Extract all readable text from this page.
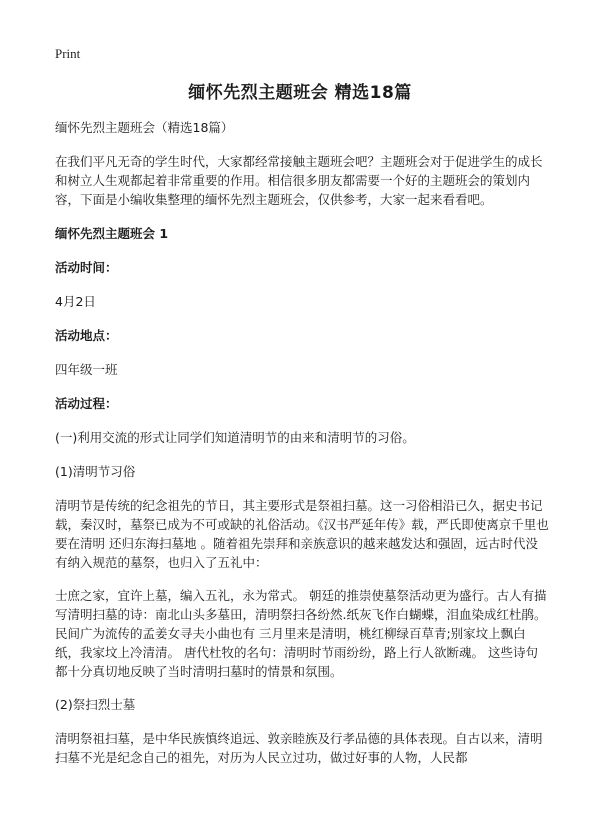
Print
缅怀先烈主题班会 精选18篇

缅怀先烈主题班会（精选18篇）

在我们平凡无奇的学生时代，大家都经常接触主题班会吧？主题班会对于促进学生的成长和树立人生观都起着非常重要的作用。相信很多朋友都需要一个好的主题班会的策划内容，下面是小编收集整理的缅怀先烈主题班会，仅供参考，大家一起来看看吧。

缅怀先烈主题班会 1

活动时间：

4月2日

活动地点：

四年级一班

活动过程：

(一)利用交流的形式让同学们知道清明节的由来和清明节的习俗。

(1)清明节习俗

清明节是传统的纪念祖先的节日，其主要形式是祭祖扫墓。这一习俗相沿已久，据史书记载，秦汉时，墓祭已成为不可或缺的礼俗活动。《汉书严延年传》载，严氏即使离京千里也要在清明 还归东海扫墓地 。随着祖先崇拜和亲族意识的越来越发达和强固，远古时代没有纳入规范的墓祭，也归入了五礼中：

士庶之家，宜许上墓，编入五礼，永为常式。 朝廷的推崇使墓祭活动更为盛行。古人有描写清明扫墓的诗：南北山头多墓田，清明祭扫各纷然.纸灰飞作白蝴蝶，泪血染成红杜鹃。 民间广为流传的孟姜女寻夫小曲也有 三月里来是清明，桃红柳绿百草青;别家坟上飘白纸，我家坟上冷清清。 唐代杜牧的名句：清明时节雨纷纷，路上行人欲断魂。 这些诗句都十分真切地反映了当时清明扫墓时的情景和氛围。

(2)祭扫烈士墓

清明祭祖扫墓，是中华民族慎终追远、敦亲睦族及行孝品德的具体表现。自古以来，清明扫墓不光是纪念自己的祖先，对历为人民立过功，做过好事的人物，人民都
